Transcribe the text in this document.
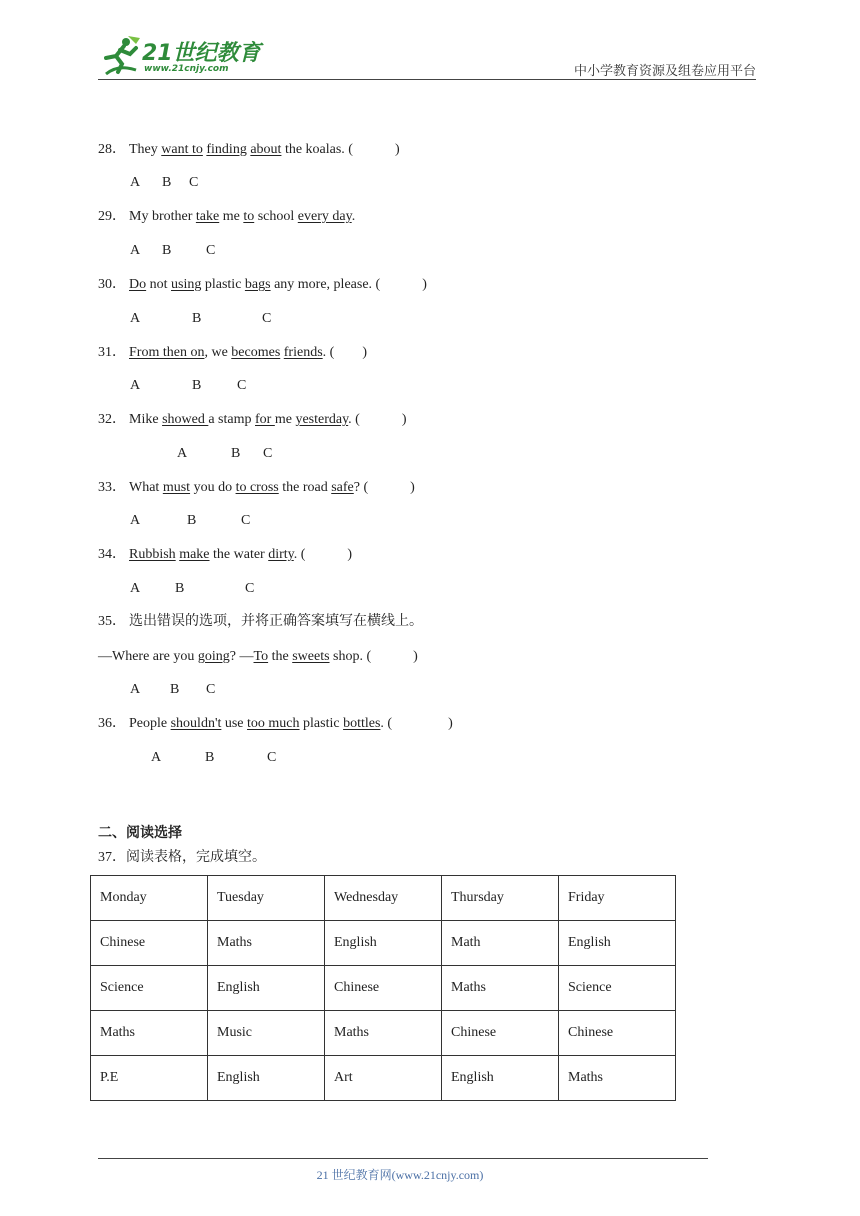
21世纪教育
www.21cnjy.com	中小学教育资源及组卷应用平台
28． They want to finding about the koalas. (　　　)
A B C
29． My brother take me to school every day.
A B C
30． Do not using plastic bags any more, please. (　　　)
A	B	C
31． From then on, we becomes friends. (　　)
A	B	C
32． Mike showed a stamp for me yesterday. (　　　)
A	B C
33． What must you do to cross the road safe? (　　　)
A	B	C
34． Rubbish make the water dirty. (　　　)
A B	C
35． 选出错误的选项，并将正确答案填写在横线上。
—Where are you going? —To the sweets shop. (　　　)
A B C
36． People shouldn't use too much plastic bottles. (　　　　)
A	B	C
二、阅读选择
37．阅读表格，完成填空。
Monday	Tuesday	Wednesday	Thursday	Friday
Chinese	Maths	English	Math	English
Science	English	Chinese	Maths	Science
Maths	Music	Maths	Chinese	Chinese
P.E	English	Art	English	Maths
21 世纪教育网(www.21cnjy.com)
